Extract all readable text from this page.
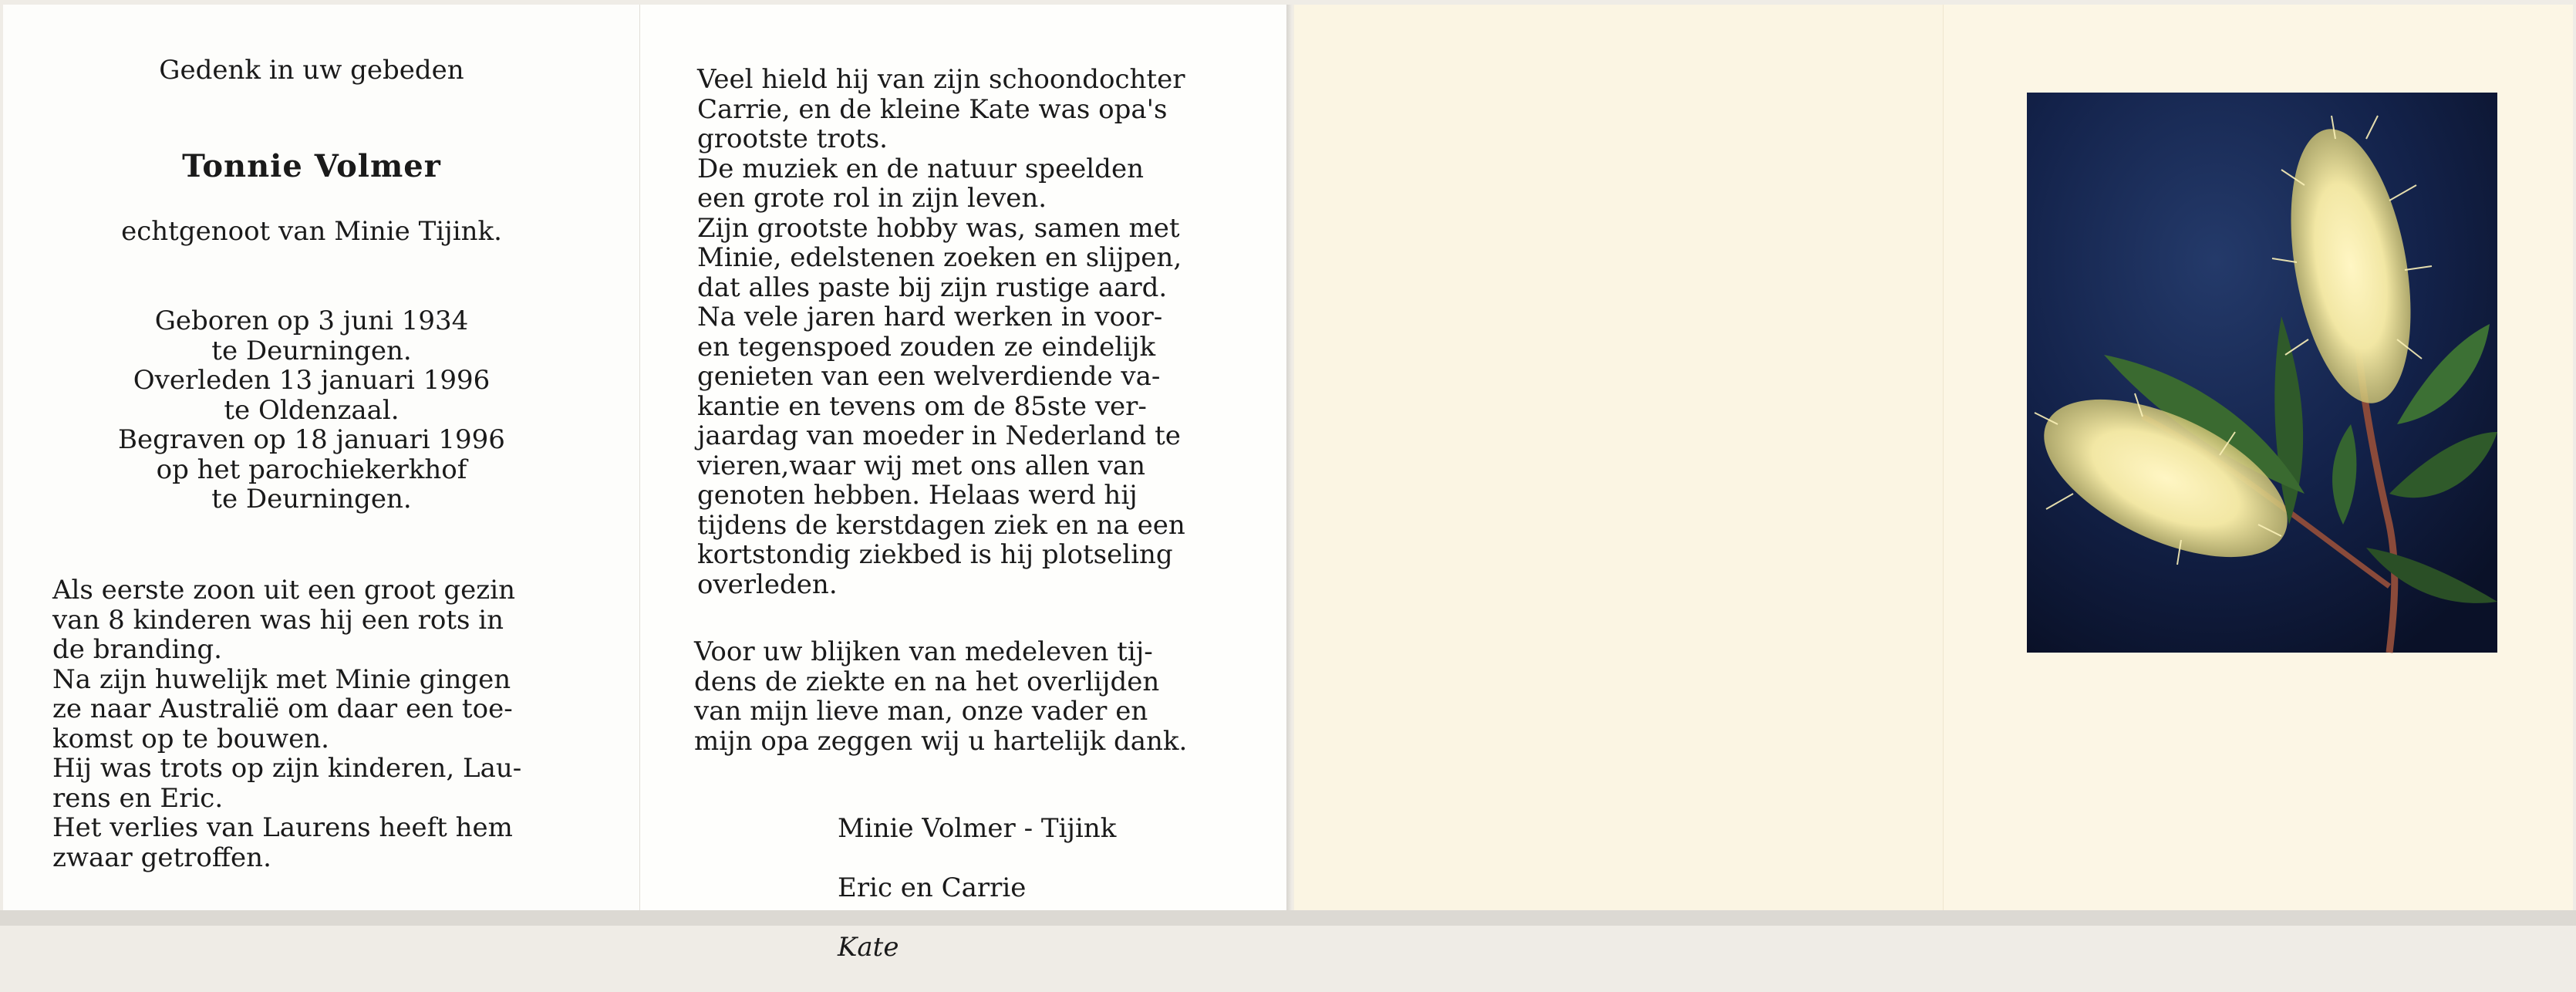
Gedenk in uw gebeden
Tonnie Volmer
echtgenoot van Minie Tijink.
Geboren op 3 juni 1934
te Deurningen.
Overleden 13 januari 1996
te Oldenzaal.
Begraven op 18 januari 1996
op het parochiekerkhof
te Deurningen.
Als eerste zoon uit een groot gezin
van 8 kinderen was hij een rots in
de branding.
Na zijn huwelijk met Minie gingen
ze naar Australië om daar een toe-
komst op te bouwen.
Hij was trots op zijn kinderen, Lau-
rens en Eric.
Het verlies van Laurens heeft hem
zwaar getroffen.
Veel hield hij van zijn schoondochter
Carrie, en de kleine Kate was opa's
grootste trots.
De muziek en de natuur speelden
een grote rol in zijn leven.
Zijn grootste hobby was, samen met
Minie, edelstenen zoeken en slijpen,
dat alles paste bij zijn rustige aard.
Na vele jaren hard werken in voor-
en tegenspoed zouden ze eindelijk
genieten van een welverdiende va-
kantie en tevens om de 85ste ver-
jaardag van moeder in Nederland te
vieren,waar wij met ons allen van
genoten hebben. Helaas werd hij
tijdens de kerstdagen ziek en na een
kortstondig ziekbed is hij plotseling
overleden.
Voor uw blijken van medeleven tij-
dens de ziekte en na het overlijden
van mijn lieve man, onze vader en
mijn opa zeggen wij u hartelijk dank.

Minie Volmer - Tijink

Eric en Carrie

Kate
